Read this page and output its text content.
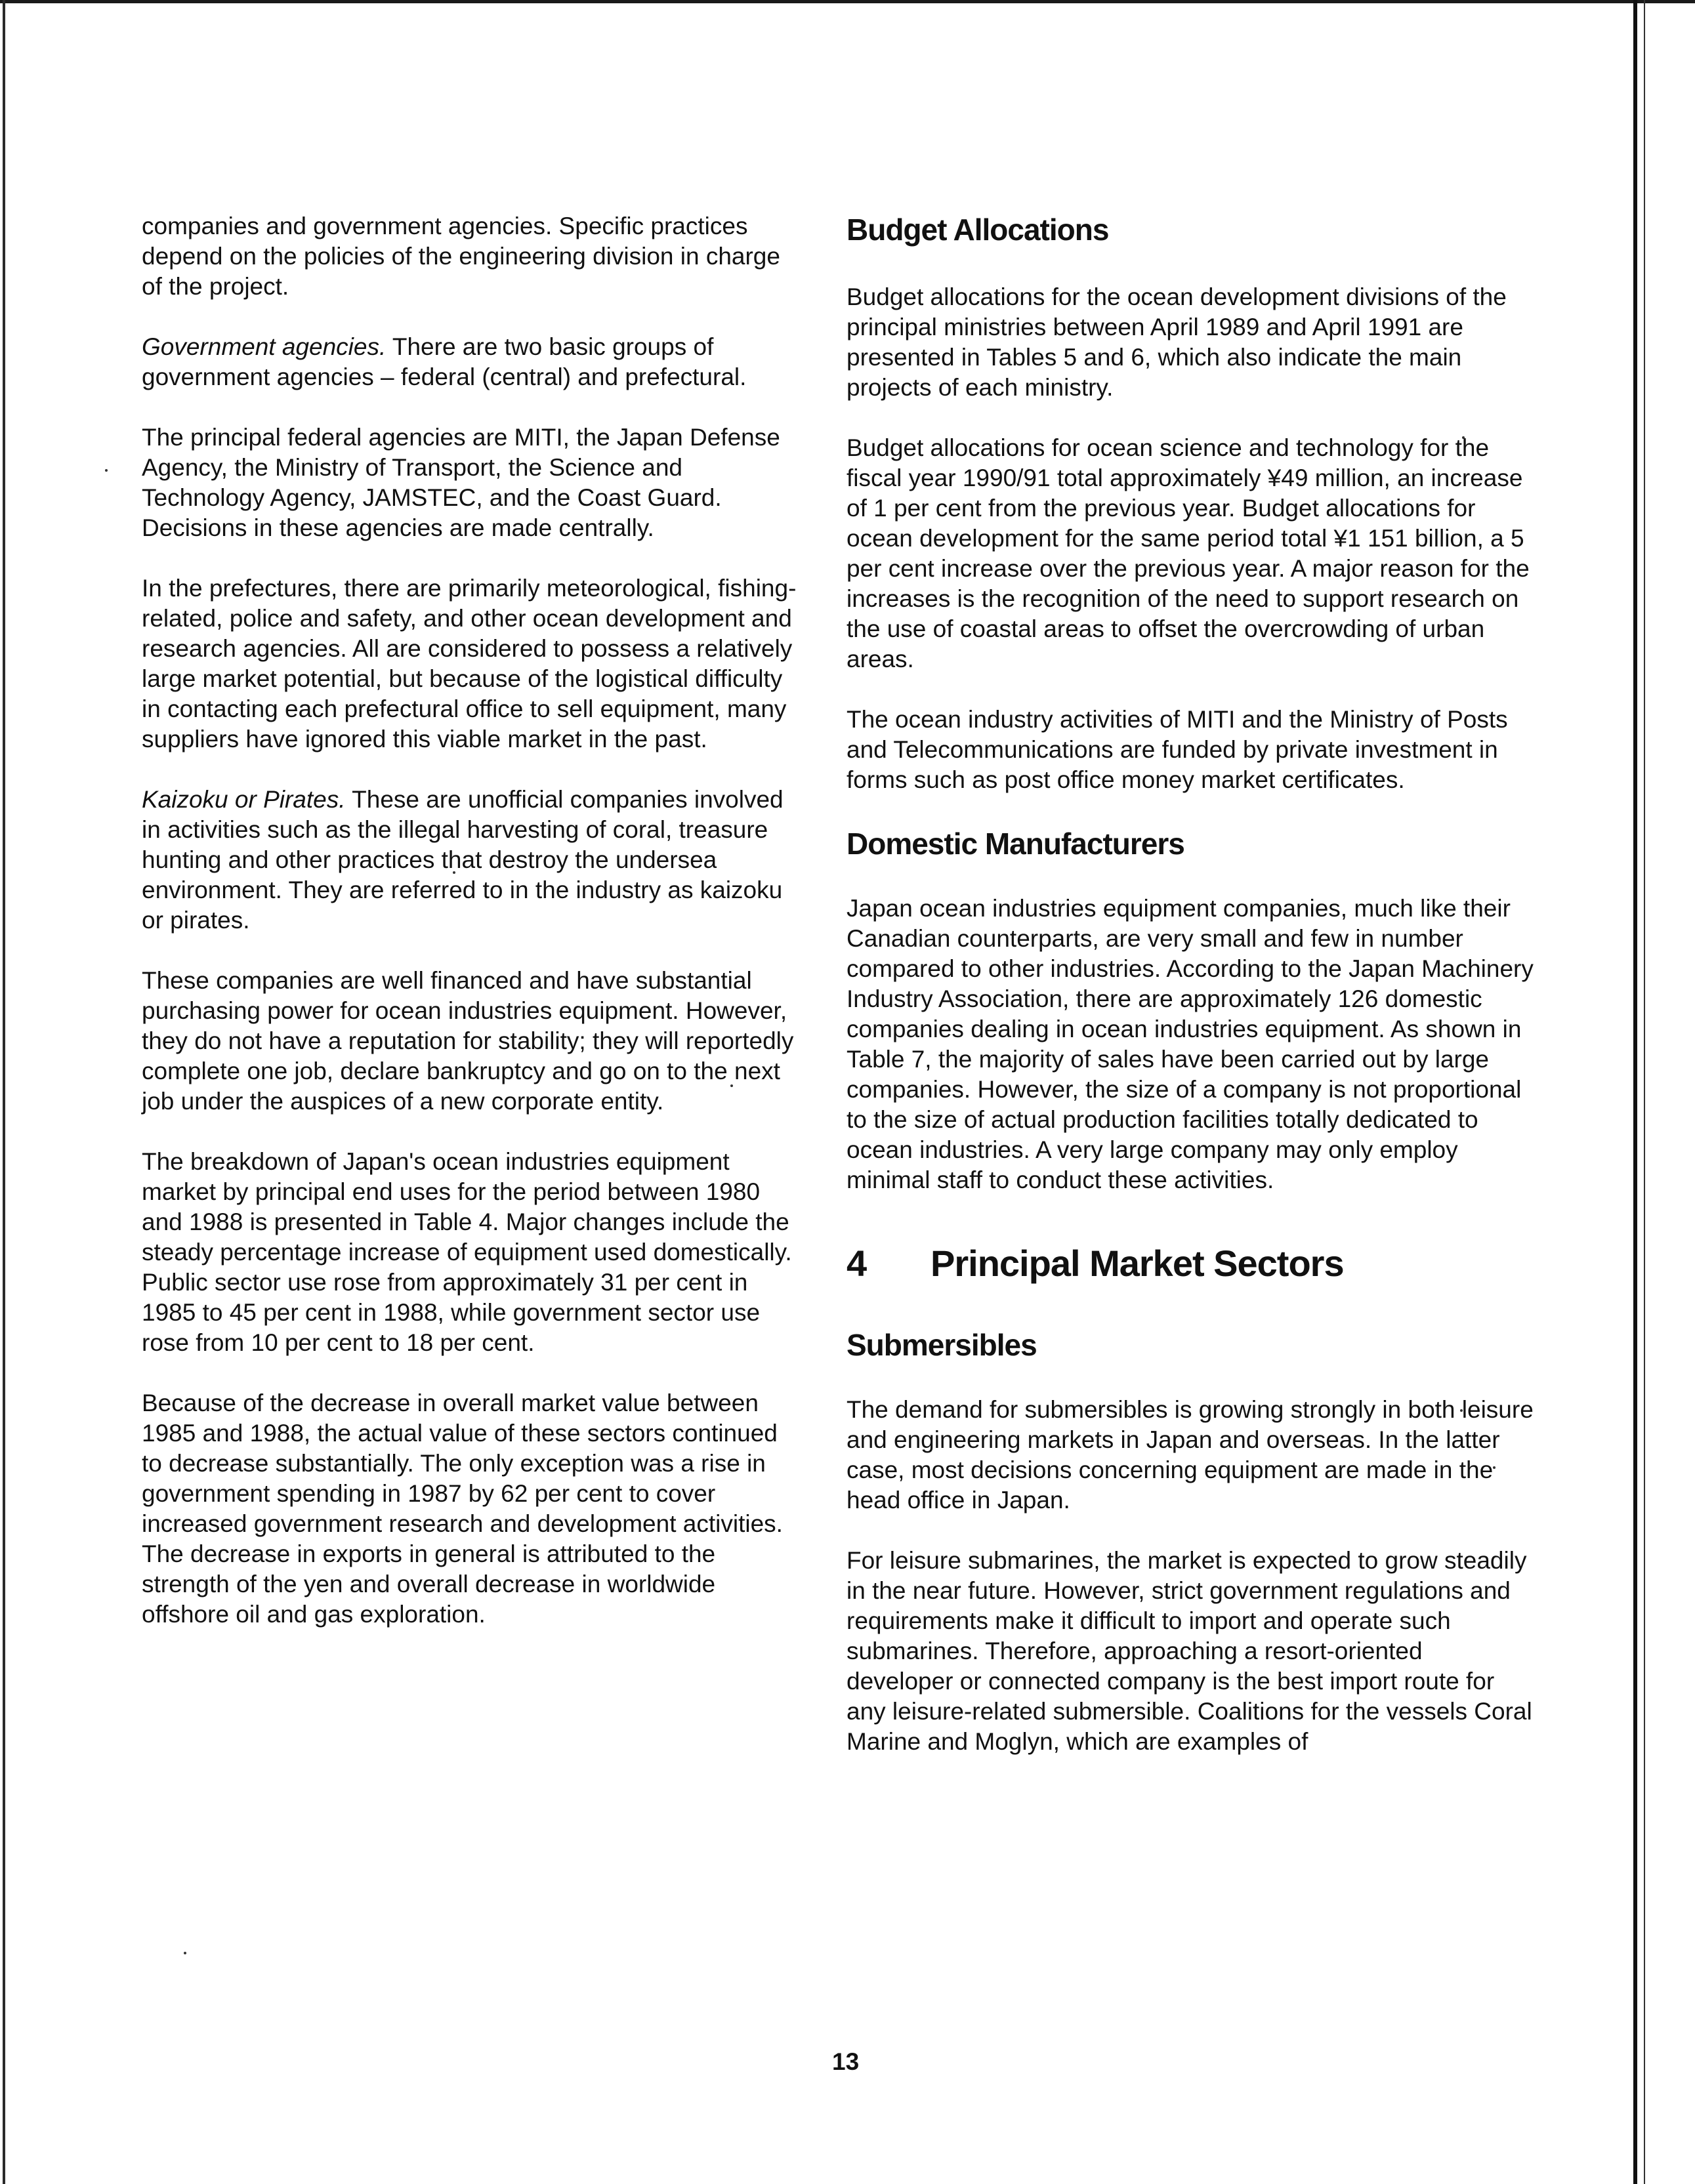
companies and government agencies. Specific practices depend on the policies of the engineering division in charge of the project.

Government agencies. There are two basic groups of government agencies – federal (central) and prefectural.

The principal federal agencies are MITI, the Japan Defense Agency, the Ministry of Transport, the Science and Technology Agency, JAMSTEC, and the Coast Guard. Decisions in these agencies are made centrally.

In the prefectures, there are primarily meteorological, fishing-related, police and safety, and other ocean development and research agencies. All are considered to possess a relatively large market potential, but because of the logistical difficulty in contacting each prefectural office to sell equipment, many suppliers have ignored this viable market in the past.

Kaizoku or Pirates. These are unofficial companies involved in activities such as the illegal harvesting of coral, treasure hunting and other practices that destroy the undersea environment. They are referred to in the industry as kaizoku or pirates.

These companies are well financed and have substantial purchasing power for ocean industries equipment. However, they do not have a reputation for stability; they will reportedly complete one job, declare bankruptcy and go on to the next job under the auspices of a new corporate entity.

The breakdown of Japan's ocean industries equipment market by principal end uses for the period between 1980 and 1988 is presented in Table 4. Major changes include the steady percentage increase of equipment used domestically. Public sector use rose from approximately 31 per cent in 1985 to 45 per cent in 1988, while government sector use rose from 10 per cent to 18 per cent.

Because of the decrease in overall market value between 1985 and 1988, the actual value of these sectors continued to decrease substantially. The only exception was a rise in government spending in 1987 by 62 per cent to cover increased government research and development activities. The decrease in exports in general is attributed to the strength of the yen and overall decrease in worldwide offshore oil and gas exploration.

Budget Allocations

Budget allocations for the ocean development divisions of the principal ministries between April 1989 and April 1991 are presented in Tables 5 and 6, which also indicate the main projects of each ministry.

Budget allocations for ocean science and technology for the fiscal year 1990/91 total approximately ¥49 million, an increase of 1 per cent from the previous year. Budget allocations for ocean development for the same period total ¥1 151 billion, a 5 per cent increase over the previous year. A major reason for the increases is the recognition of the need to support research on the use of coastal areas to offset the overcrowding of urban areas.

The ocean industry activities of MITI and the Ministry of Posts and Telecommunications are funded by private investment in forms such as post office money market certificates.

Domestic Manufacturers

Japan ocean industries equipment companies, much like their Canadian counterparts, are very small and few in number compared to other industries. According to the Japan Machinery Industry Association, there are approximately 126 domestic companies dealing in ocean industries equipment. As shown in Table 7, the majority of sales have been carried out by large companies. However, the size of a company is not proportional to the size of actual production facilities totally dedicated to ocean industries. A very large company may only employ minimal staff to conduct these activities.

4	Principal Market Sectors
Submersibles

The demand for submersibles is growing strongly in both leisure and engineering markets in Japan and overseas. In the latter case, most decisions concerning equipment are made in the head office in Japan.

For leisure submarines, the market is expected to grow steadily in the near future. However, strict government regulations and requirements make it difficult to import and operate such submarines. Therefore, approaching a resort-oriented developer or connected company is the best import route for any leisure-related submersible. Coalitions for the vessels Coral Marine and Moglyn, which are examples of

13
